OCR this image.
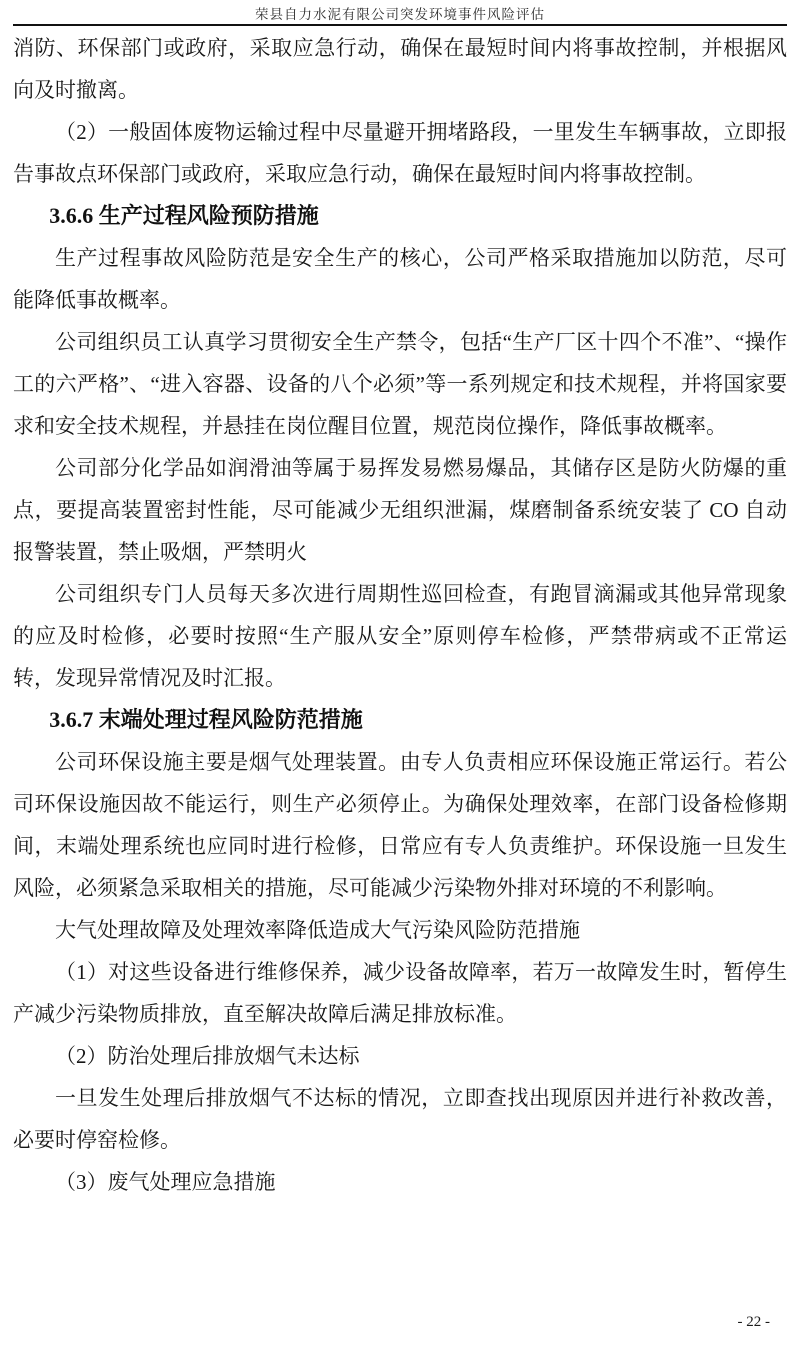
荣县自力水泥有限公司突发环境事件风险评估

消防、环保部门或政府，采取应急行动，确保在最短时间内将事故控制，并根据风向及时撤离。

（2）一般固体废物运输过程中尽量避开拥堵路段，一里发生车辆事故，立即报告事故点环保部门或政府，采取应急行动，确保在最短时间内将事故控制。

3.6.6 生产过程风险预防措施

生产过程事故风险防范是安全生产的核心，公司严格采取措施加以防范，尽可能降低事故概率。

公司组织员工认真学习贯彻安全生产禁令，包括“生产厂区十四个不准”、“操作工的六严格”、“进入容器、设备的八个必须”等一系列规定和技术规程，并将国家要求和安全技术规程，并悬挂在岗位醒目位置，规范岗位操作，降低事故概率。

公司部分化学品如润滑油等属于易挥发易燃易爆品，其储存区是防火防爆的重点，要提高装置密封性能，尽可能减少无组织泄漏，煤磨制备系统安装了 CO 自动报警装置，禁止吸烟，严禁明火

公司组织专门人员每天多次进行周期性巡回检查，有跑冒滴漏或其他异常现象的应及时检修，必要时按照“生产服从安全”原则停车检修，严禁带病或不正常运转，发现异常情况及时汇报。

3.6.7 末端处理过程风险防范措施

公司环保设施主要是烟气处理装置。由专人负责相应环保设施正常运行。若公司环保设施因故不能运行，则生产必须停止。为确保处理效率，在部门设备检修期间，末端处理系统也应同时进行检修，日常应有专人负责维护。环保设施一旦发生风险，必须紧急采取相关的措施，尽可能减少污染物外排对环境的不利影响。

大气处理故障及处理效率降低造成大气污染风险防范措施

（1）对这些设备进行维修保养，减少设备故障率，若万一故障发生时，暂停生产减少污染物质排放，直至解决故障后满足排放标准。

（2）防治处理后排放烟气未达标

一旦发生处理后排放烟气不达标的情况，立即查找出现原因并进行补救改善，必要时停窑检修。

（3）废气处理应急措施

- 22 -
